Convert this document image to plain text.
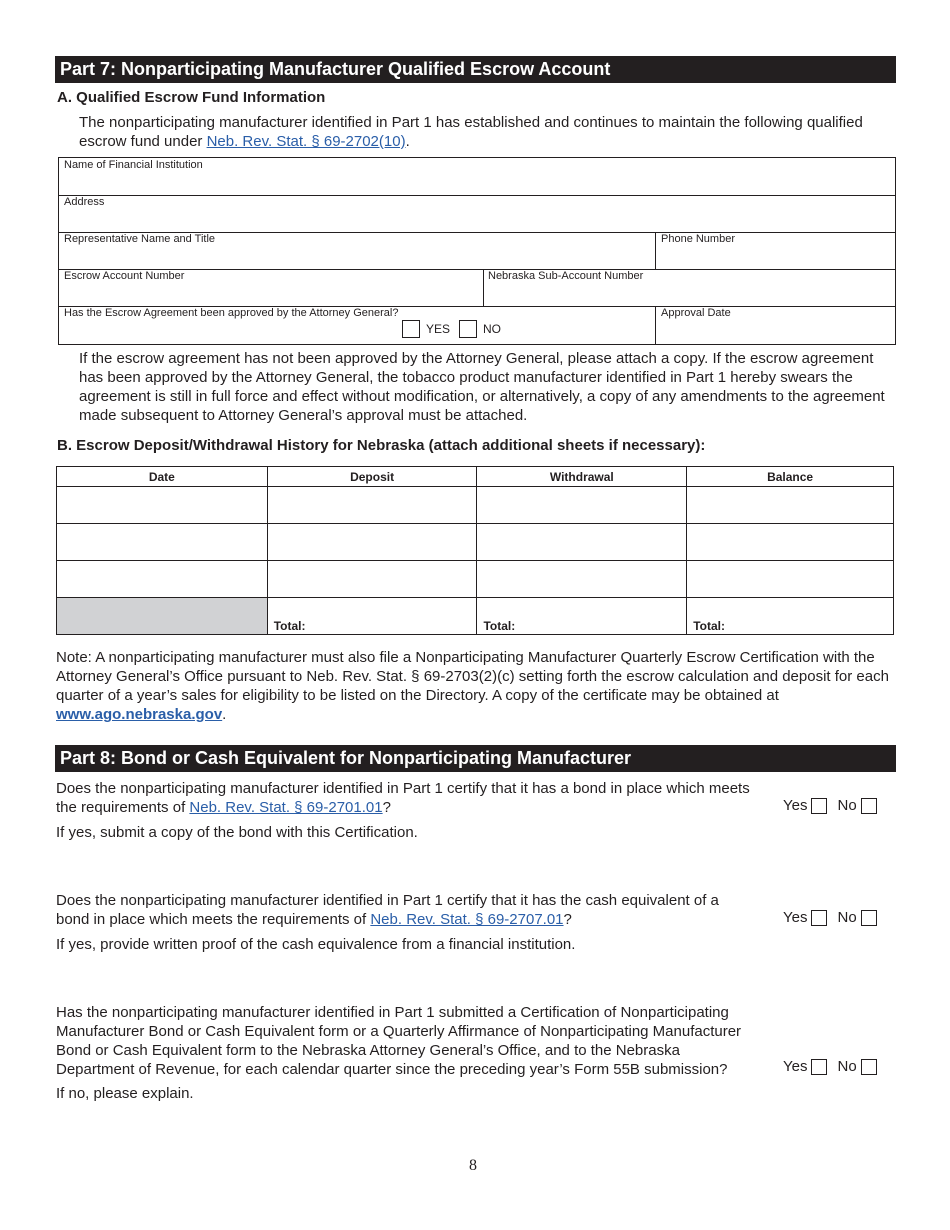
Part 7: Nonparticipating Manufacturer Qualified Escrow Account
A. Qualified Escrow Fund Information
The nonparticipating manufacturer identified in Part 1 has established and continues to maintain the following qualified escrow fund under Neb. Rev. Stat. § 69-2702(10).
Name of Financial Institution
Address
Representative Name and Title	Phone Number
Escrow Account Number	Nebraska Sub-Account Number
Has the Escrow Agreement been approved by the Attorney General?
YES	NO
Approval Date
If the escrow agreement has not been approved by the Attorney General, please attach a copy. If the escrow agreement has been approved by the Attorney General, the tobacco product manufacturer identified in Part 1 hereby swears the agreement is still in full force and effect without modification, or alternatively, a copy of any amendments to the agreement made subsequent to Attorney General’s approval must be attached.
B. Escrow Deposit/Withdrawal History for Nebraska (attach additional sheets if necessary):
Date	Deposit	Withdrawal	Balance

	Total:	Total:	Total:
Note: A nonparticipating manufacturer must also file a Nonparticipating Manufacturer Quarterly Escrow Certification with the Attorney General’s Office pursuant to Neb. Rev. Stat. § 69-2703(2)(c) setting forth the escrow calculation and deposit for each quarter of a year’s sales for eligibility to be listed on the Directory. A copy of the certificate may be obtained at www.ago.nebraska.gov.
Part 8: Bond or Cash Equivalent for Nonparticipating Manufacturer
Does the nonparticipating manufacturer identified in Part 1 certify that it has a bond in place which meets
the requirements of Neb. Rev. Stat. § 69-2701.01?
If yes, submit a copy of the bond with this Certification.
Yes No
Does the nonparticipating manufacturer identified in Part 1 certify that it has the cash equivalent of a
bond in place which meets the requirements of Neb. Rev. Stat. § 69-2707.01?
If yes, provide written proof of the cash equivalence from a financial institution.
Yes No
Has the nonparticipating manufacturer identified in Part 1 submitted a Certification of Nonparticipating
Manufacturer Bond or Cash Equivalent form or a Quarterly Affirmance of Nonparticipating Manufacturer
Bond or Cash Equivalent form to the Nebraska Attorney General’s Office, and to the Nebraska
Department of Revenue, for each calendar quarter since the preceding year’s Form 55B submission?
If no, please explain.
Yes No
8
